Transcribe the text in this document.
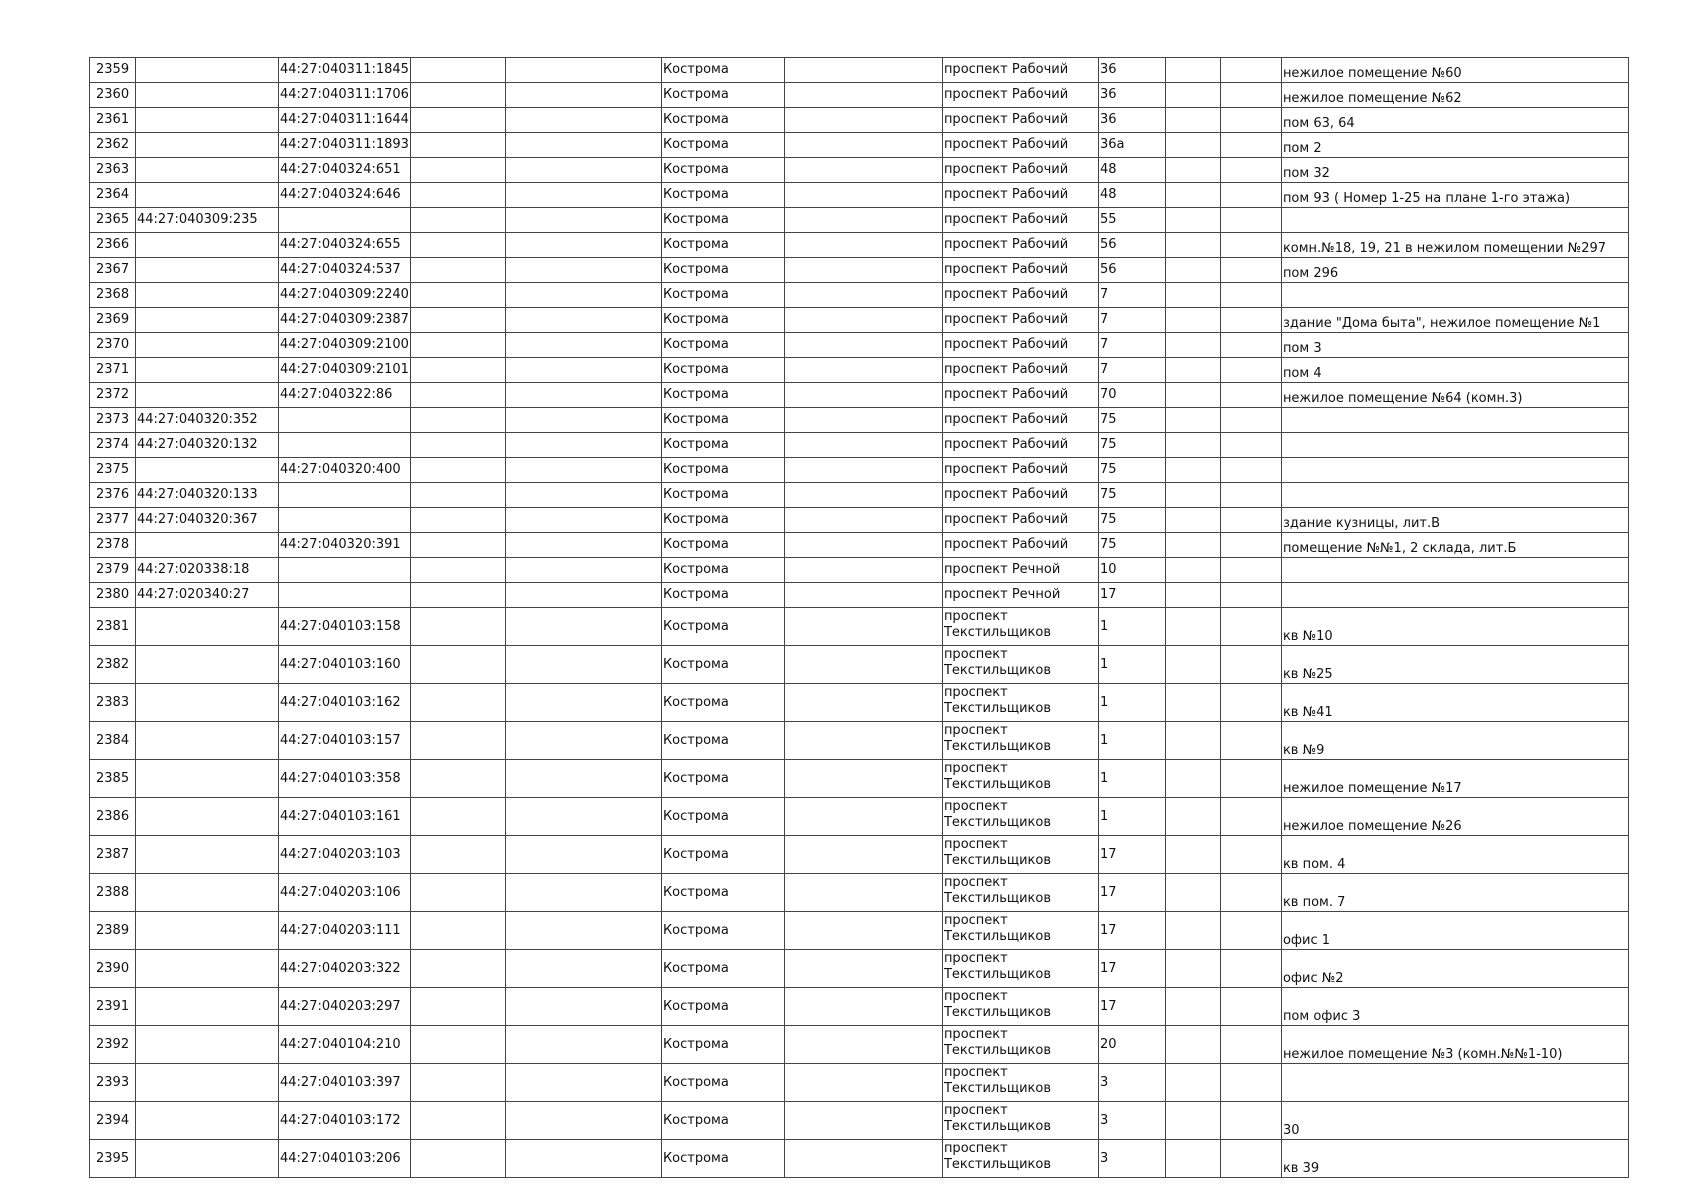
2359		44:27:040311:1845			Кострома		проспект Рабочий	36			нежилое помещение №60
2360		44:27:040311:1706			Кострома		проспект Рабочий	36			нежилое помещение №62
2361		44:27:040311:1644			Кострома		проспект Рабочий	36			пом 63, 64
2362		44:27:040311:1893			Кострома		проспект Рабочий	36а			пом 2
2363		44:27:040324:651			Кострома		проспект Рабочий	48			пом 32
2364		44:27:040324:646			Кострома		проспект Рабочий	48			пом 93 ( Номер 1-25 на плане 1-го этажа)
2365	44:27:040309:235				Кострома		проспект Рабочий	55			
2366		44:27:040324:655			Кострома		проспект Рабочий	56			комн.№18, 19, 21 в нежилом помещении №297
2367		44:27:040324:537			Кострома		проспект Рабочий	56			пом 296
2368		44:27:040309:2240			Кострома		проспект Рабочий	7			
2369		44:27:040309:2387			Кострома		проспект Рабочий	7			здание "Дома быта", нежилое помещение №1
2370		44:27:040309:2100			Кострома		проспект Рабочий	7			пом 3
2371		44:27:040309:2101			Кострома		проспект Рабочий	7			пом 4
2372		44:27:040322:86			Кострома		проспект Рабочий	70			нежилое помещение №64 (комн.3)
2373	44:27:040320:352				Кострома		проспект Рабочий	75			
2374	44:27:040320:132				Кострома		проспект Рабочий	75			
2375		44:27:040320:400			Кострома		проспект Рабочий	75			
2376	44:27:040320:133				Кострома		проспект Рабочий	75			
2377	44:27:040320:367				Кострома		проспект Рабочий	75			здание кузницы, лит.В
2378		44:27:040320:391			Кострома		проспект Рабочий	75			помещение №№1, 2 склада, лит.Б
2379	44:27:020338:18				Кострома		проспект Речной	10			
2380	44:27:020340:27				Кострома		проспект Речной	17			
2381		44:27:040103:158			Кострома		проспект Текстильщиков	1			кв №10
2382		44:27:040103:160			Кострома		проспект Текстильщиков	1			кв №25
2383		44:27:040103:162			Кострома		проспект Текстильщиков	1			кв №41
2384		44:27:040103:157			Кострома		проспект Текстильщиков	1			кв №9
2385		44:27:040103:358			Кострома		проспект Текстильщиков	1			нежилое помещение №17
2386		44:27:040103:161			Кострома		проспект Текстильщиков	1			нежилое помещение №26
2387		44:27:040203:103			Кострома		проспект Текстильщиков	17			кв пом. 4
2388		44:27:040203:106			Кострома		проспект Текстильщиков	17			кв пом. 7
2389		44:27:040203:111			Кострома		проспект Текстильщиков	17			офис 1
2390		44:27:040203:322			Кострома		проспект Текстильщиков	17			офис №2
2391		44:27:040203:297			Кострома		проспект Текстильщиков	17			пом офис 3
2392		44:27:040104:210			Кострома		проспект Текстильщиков	20			нежилое помещение №3 (комн.№№1-10)
2393		44:27:040103:397			Кострома		проспект Текстильщиков	3			
2394		44:27:040103:172			Кострома		проспект Текстильщиков	3			30
2395		44:27:040103:206			Кострома		проспект Текстильщиков	3			кв 39
